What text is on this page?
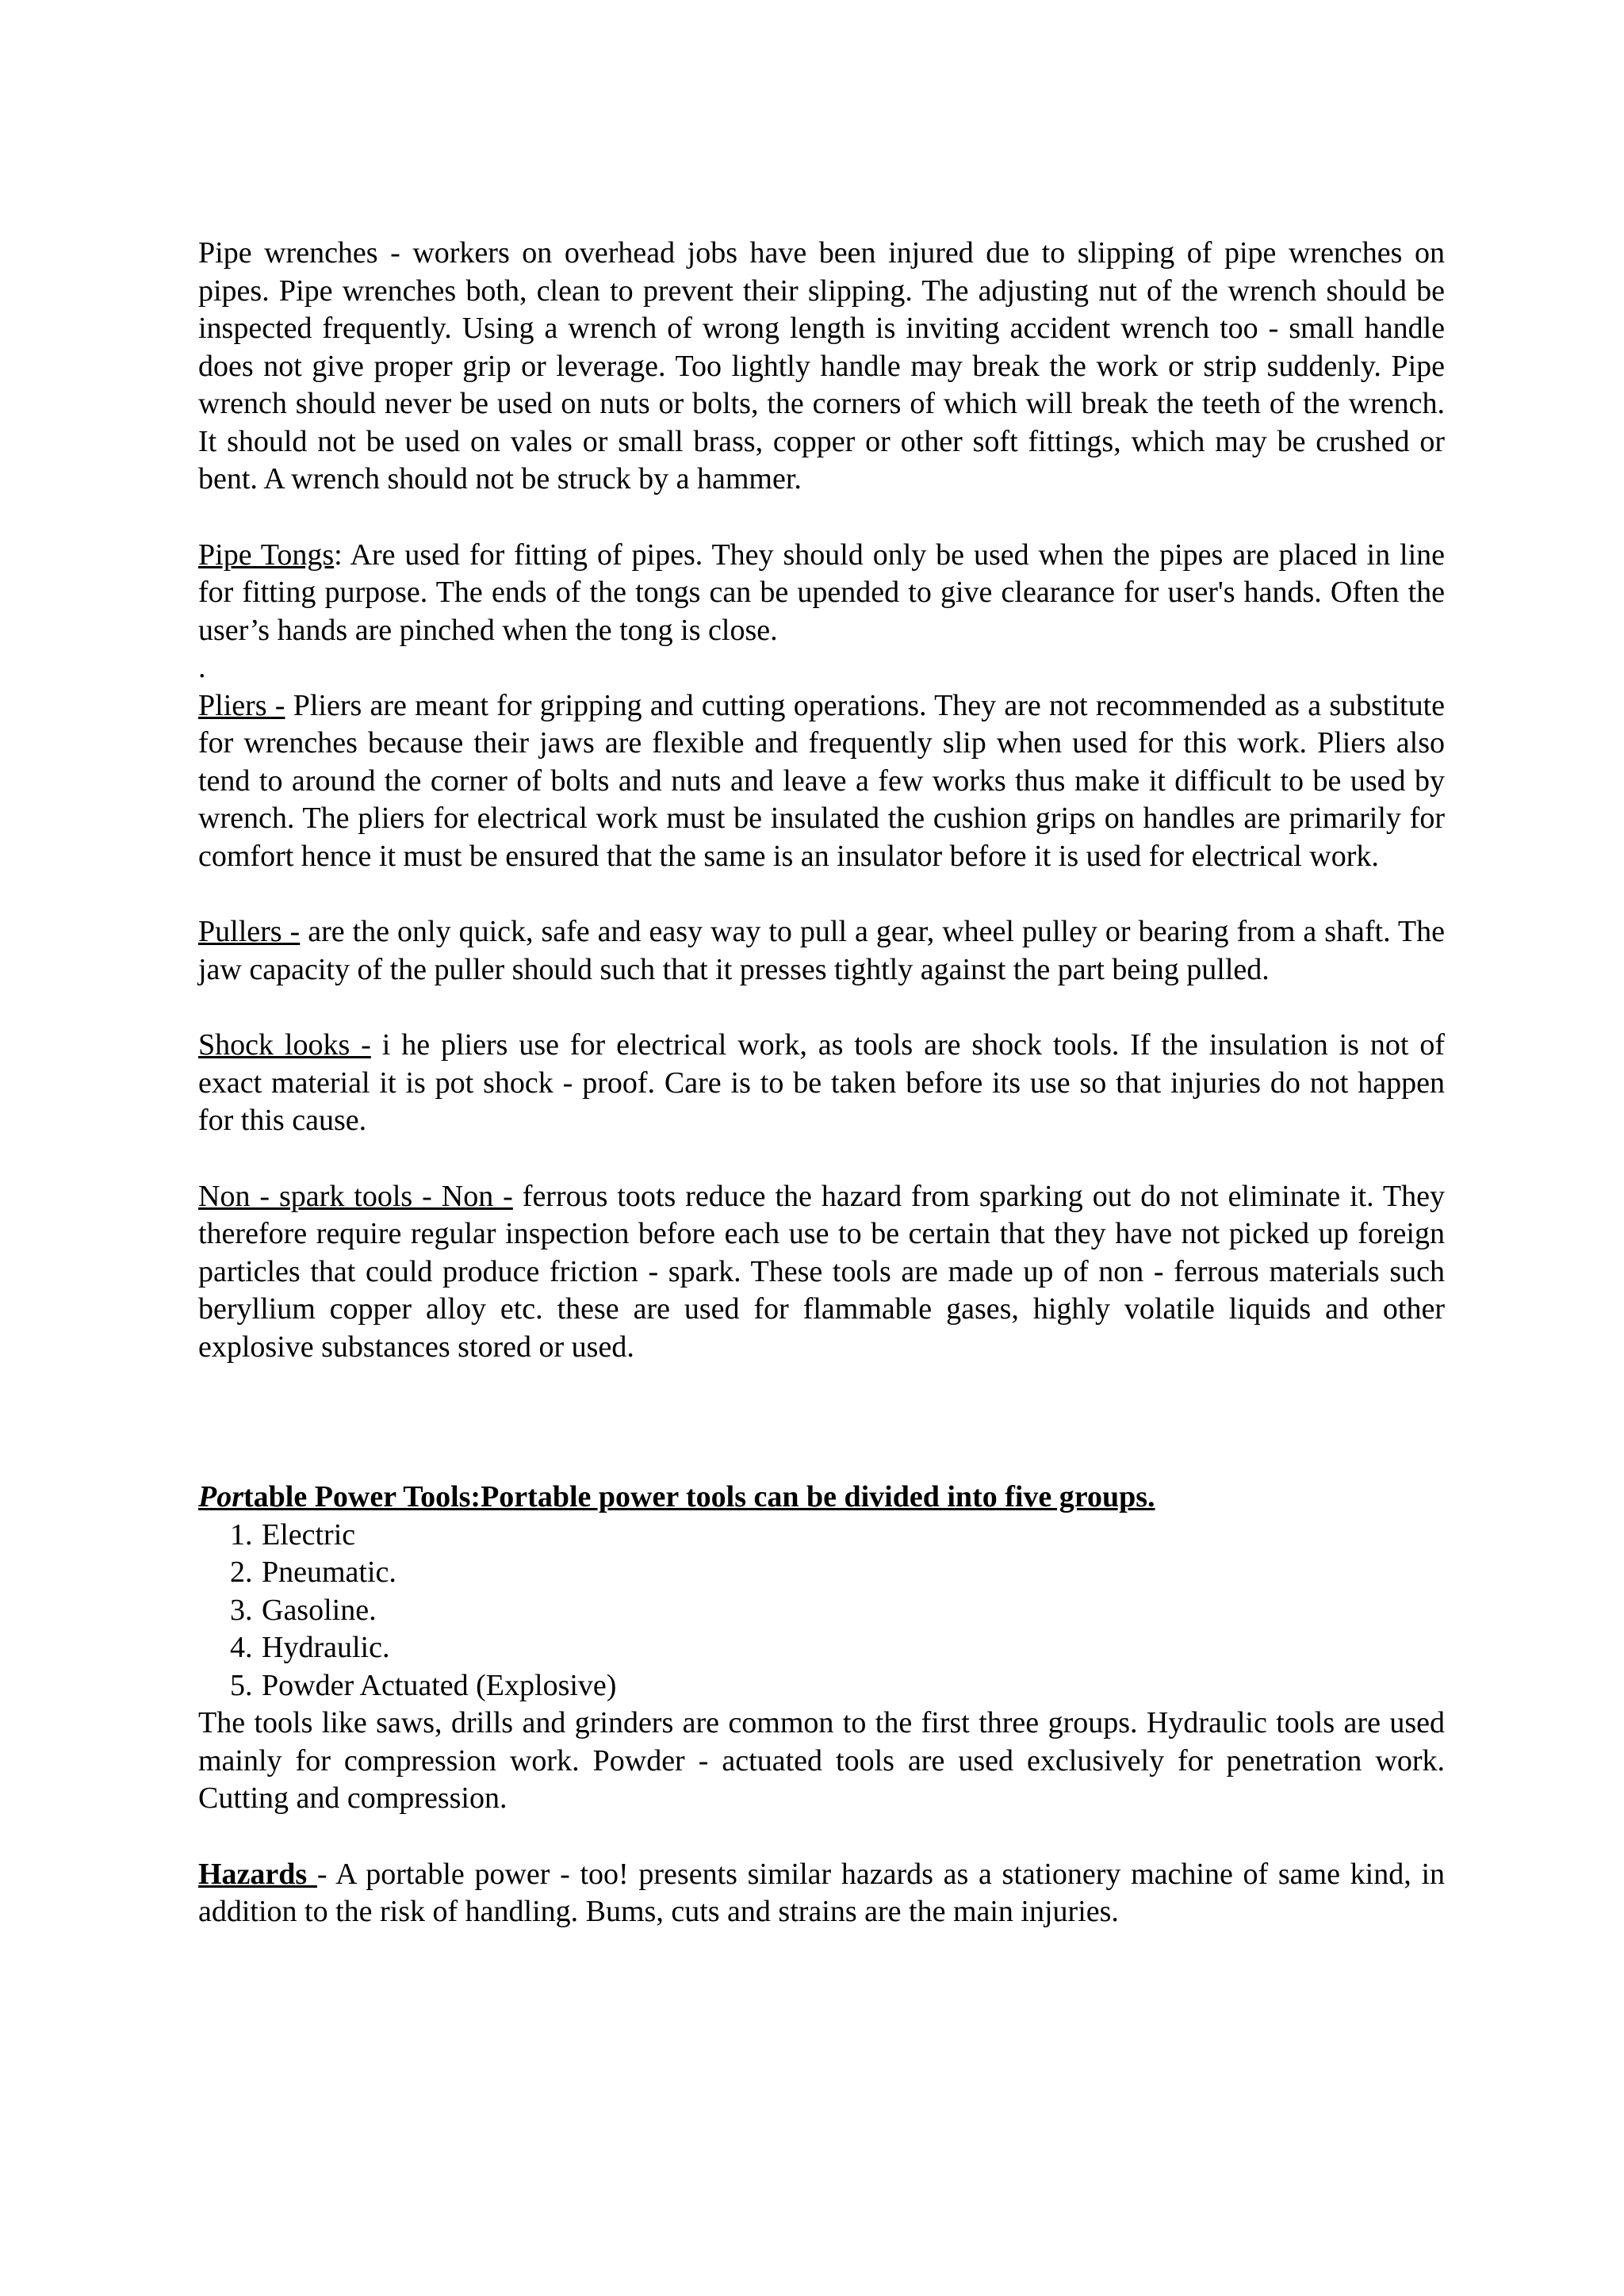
Pipe wrenches - workers on overhead jobs have been injured due to slipping of pipe wrenches on pipes. Pipe wrenches both, clean to prevent their slipping. The adjusting nut of the wrench should be inspected frequently. Using a wrench of wrong length is inviting accident wrench too - small handle does not give proper grip or leverage. Too lightly handle may break the work or strip suddenly. Pipe wrench should never be used on nuts or bolts, the corners of which will break the teeth of the wrench. It should not be used on vales or small brass, copper or other soft fittings, which may be crushed or bent. A wrench should not be struck by a hammer.

Pipe Tongs: Are used for fitting of pipes. They should only be used when the pipes are placed in line for fitting purpose. The ends of the tongs can be upended to give clearance for user's hands. Often the user’s hands are pinched when the tong is close.

.

Pliers - Pliers are meant for gripping and cutting operations. They are not recommended as a substitute for wrenches because their jaws are flexible and frequently slip when used for this work. Pliers also tend to around the corner of bolts and nuts and leave a few works thus make it difficult to be used by wrench. The pliers for electrical work must be insulated the cushion grips on handles are primarily for comfort hence it must be ensured that the same is an insulator before it is used for electrical work.

Pullers - are the only quick, safe and easy way to pull a gear, wheel pulley or bearing from a shaft. The jaw capacity of the puller should such that it presses tightly against the part being pulled.

Shock looks - i he pliers use for electrical work, as tools are shock tools. If the insulation is not of exact material it is pot shock - proof. Care is to be taken before its use so that injuries do not happen for this cause.

Non - spark tools - Non - ferrous toots reduce the hazard from sparking out do not eliminate it. They therefore require regular inspection before each use to be certain that they have not picked up foreign particles that could produce friction - spark. These tools are made up of non - ferrous materials such beryllium copper alloy etc. these are used for flammable gases, highly volatile liquids and other explosive substances stored or used.

Portable Power Tools:Portable power tools can be divided into five groups.

1. Electric
2. Pneumatic.
3. Gasoline.
4. Hydraulic.
5. Powder Actuated (Explosive)

The tools like saws, drills and grinders are common to the first three groups. Hydraulic tools are used mainly for compression work. Powder - actuated tools are used exclusively for penetration work. Cutting and compression.

Hazards - A portable power - too! presents similar hazards as a stationery machine of same kind, in addition to the risk of handling. Bums, cuts and strains are the main injuries.
